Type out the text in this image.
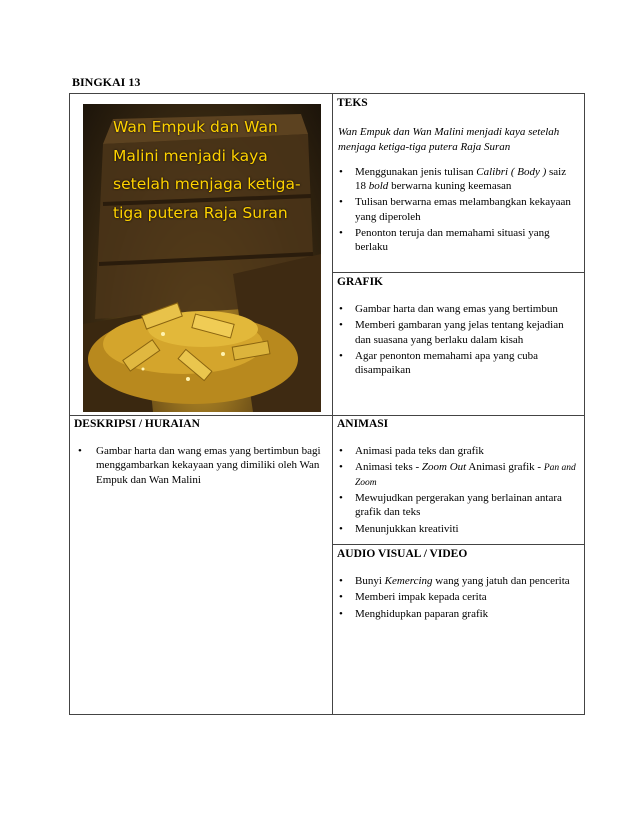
BINGKAI 13
Wan Empuk dan Wan Malini menjadi kaya setelah menjaga ketiga-tiga putera Raja Suran
TEKS
Wan Empuk dan Wan Malini menjadi kaya setelah menjaga ketiga-tiga putera Raja Suran
• Menggunakan jenis tulisan Calibri ( Body ) saiz 18 bold berwarna kuning keemasan
• Tulisan berwarna emas melambangkan kekayaan yang diperoleh
• Penonton teruja dan memahami situasi yang berlaku
GRAFIK
• Gambar harta dan wang emas yang bertimbun
• Memberi gambaran yang jelas tentang kejadian dan suasana yang berlaku dalam kisah
• Agar penonton memahami apa yang cuba disampaikan
DESKRIPSI / HURAIAN
• Gambar harta dan wang emas yang bertimbun bagi menggambarkan kekayaan yang dimiliki oleh Wan Empuk dan Wan Malini
ANIMASI
• Animasi pada teks dan grafik
• Animasi teks - Zoom Out Animasi grafik - Pan and Zoom
• Mewujudkan pergerakan yang berlainan antara grafik dan teks
• Menunjukkan kreativiti
AUDIO VISUAL / VIDEO
• Bunyi Kemercing wang yang jatuh dan pencerita
• Memberi impak kepada cerita
• Menghidupkan paparan grafik
